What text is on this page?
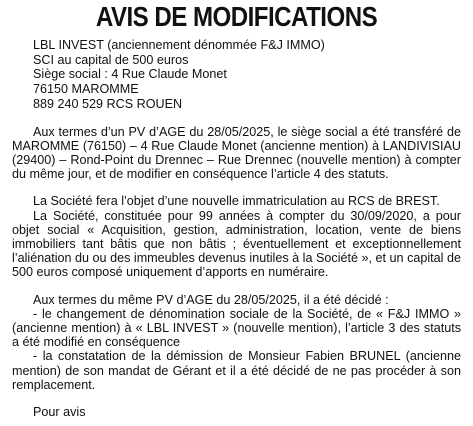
AVIS DE MODIFICATIONS
LBL INVEST (anciennement dénommée F&J IMMO)
SCI au capital de 500 euros
Siège social : 4 Rue Claude Monet
76150 MAROMME
889 240 529 RCS ROUEN

Aux termes d’un PV d’AGE du 28/05/2025, le siège social a été transféré de MAROMME (76150) – 4 Rue Claude Monet (ancienne mention) à LANDIVISIAU (29400) – Rond-Point du Drennec – Rue Drennec (nouvelle mention) à compter du même jour, et de modifier en conséquence l’article 4 des statuts.

La Société fera l’objet d’une nouvelle immatriculation au RCS de BREST.

La Société, constituée pour 99 années à compter du 30/09/2020, a pour objet social « Acquisition, gestion, administration, location, vente de biens immobiliers tant bâtis que non bâtis ; éventuellement et exceptionnellement l’aliénation du ou des immeubles devenus inutiles à la Société », et un capital de 500 euros composé uniquement d’apports en numéraire.

Aux termes du même PV d’AGE du 28/05/2025, il a été décidé :

- le changement de dénomination sociale de la Société, de « F&J IMMO » (ancienne mention) à « LBL INVEST » (nouvelle mention), l’article 3 des statuts a été modifié en conséquence

- la constatation de la démission de Monsieur Fabien BRUNEL (ancienne mention) de son mandat de Gérant et il a été décidé de ne pas procéder à son remplacement.

Pour avis
